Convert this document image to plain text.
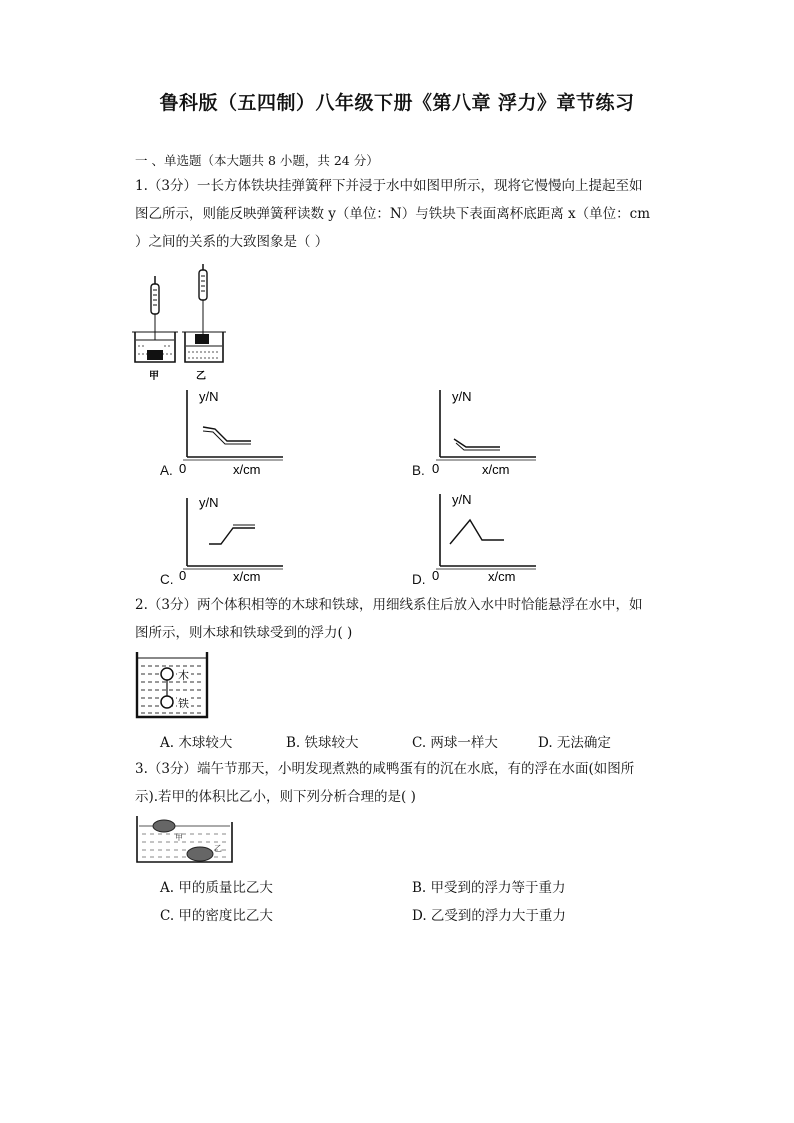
鲁科版（五四制）八年级下册《第八章 浮力》章节练习
一 、单选题（本大题共 8 小题，共 24 分）
1.（3分）一长方体铁块挂弹簧秤下并浸于水中如图甲所示，现将它慢慢向上提起至如
图乙所示，则能反映弹簧秤读数 y（单位：N）与铁块下表面离杯底距离 x（单位：cm
）之间的关系的大致图象是（ ）
甲	乙
A.
y/N
0	x/cm	B.
y/N
0	x/cm
C.
y/N
0	x/cm	D.
y/N
0	x/cm
2.（3分）两个体积相等的木球和铁球，用细线系住后放入水中时恰能悬浮在水中，如
图所示，则木球和铁球受到的浮力( )
木
铁
A. 木球较大	B. 铁球较大	C. 两球一样大	D. 无法确定
3.（3分）端午节那天，小明发现煮熟的咸鸭蛋有的沉在水底，有的浮在水面(如图所
示).若甲的体积比乙小，则下列分析合理的是( )
甲
乙
A. 甲的质量比乙大	B. 甲受到的浮力等于重力
C. 甲的密度比乙大	D. 乙受到的浮力大于重力
